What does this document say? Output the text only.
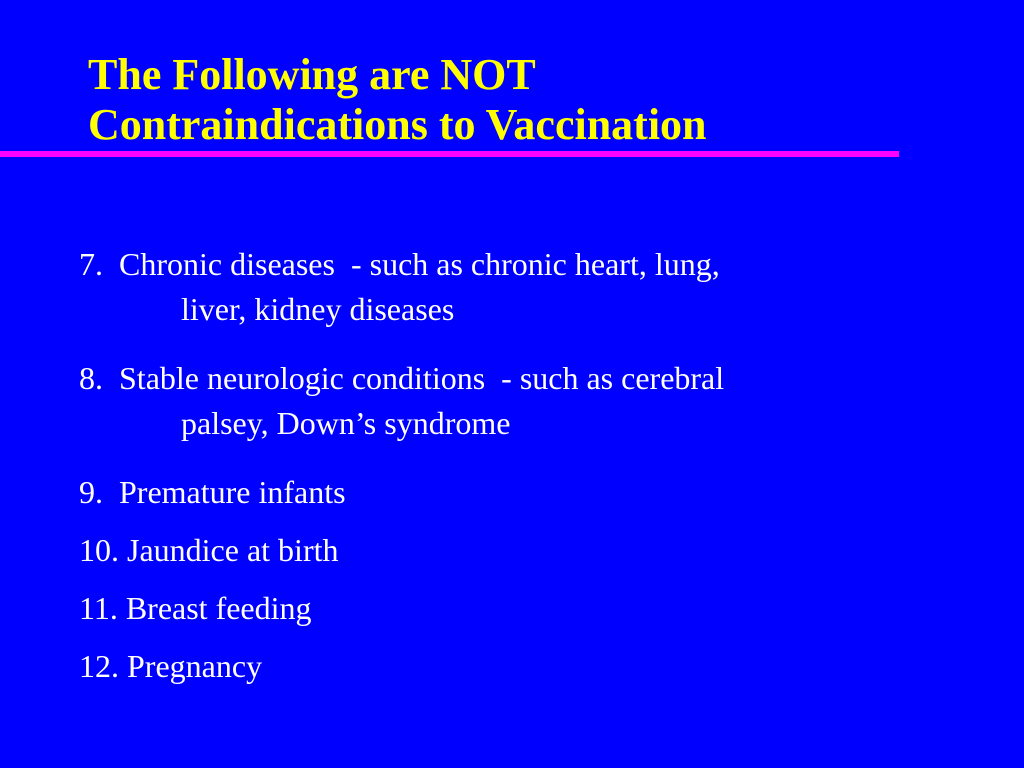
The Following are NOT
Contraindications to Vaccination
7.  Chronic diseases  - such as chronic heart, lung,
liver, kidney diseases
8.  Stable neurologic conditions  - such as cerebral
palsey, Down’s syndrome
9.  Premature infants
10. Jaundice at birth
11. Breast feeding
12. Pregnancy
